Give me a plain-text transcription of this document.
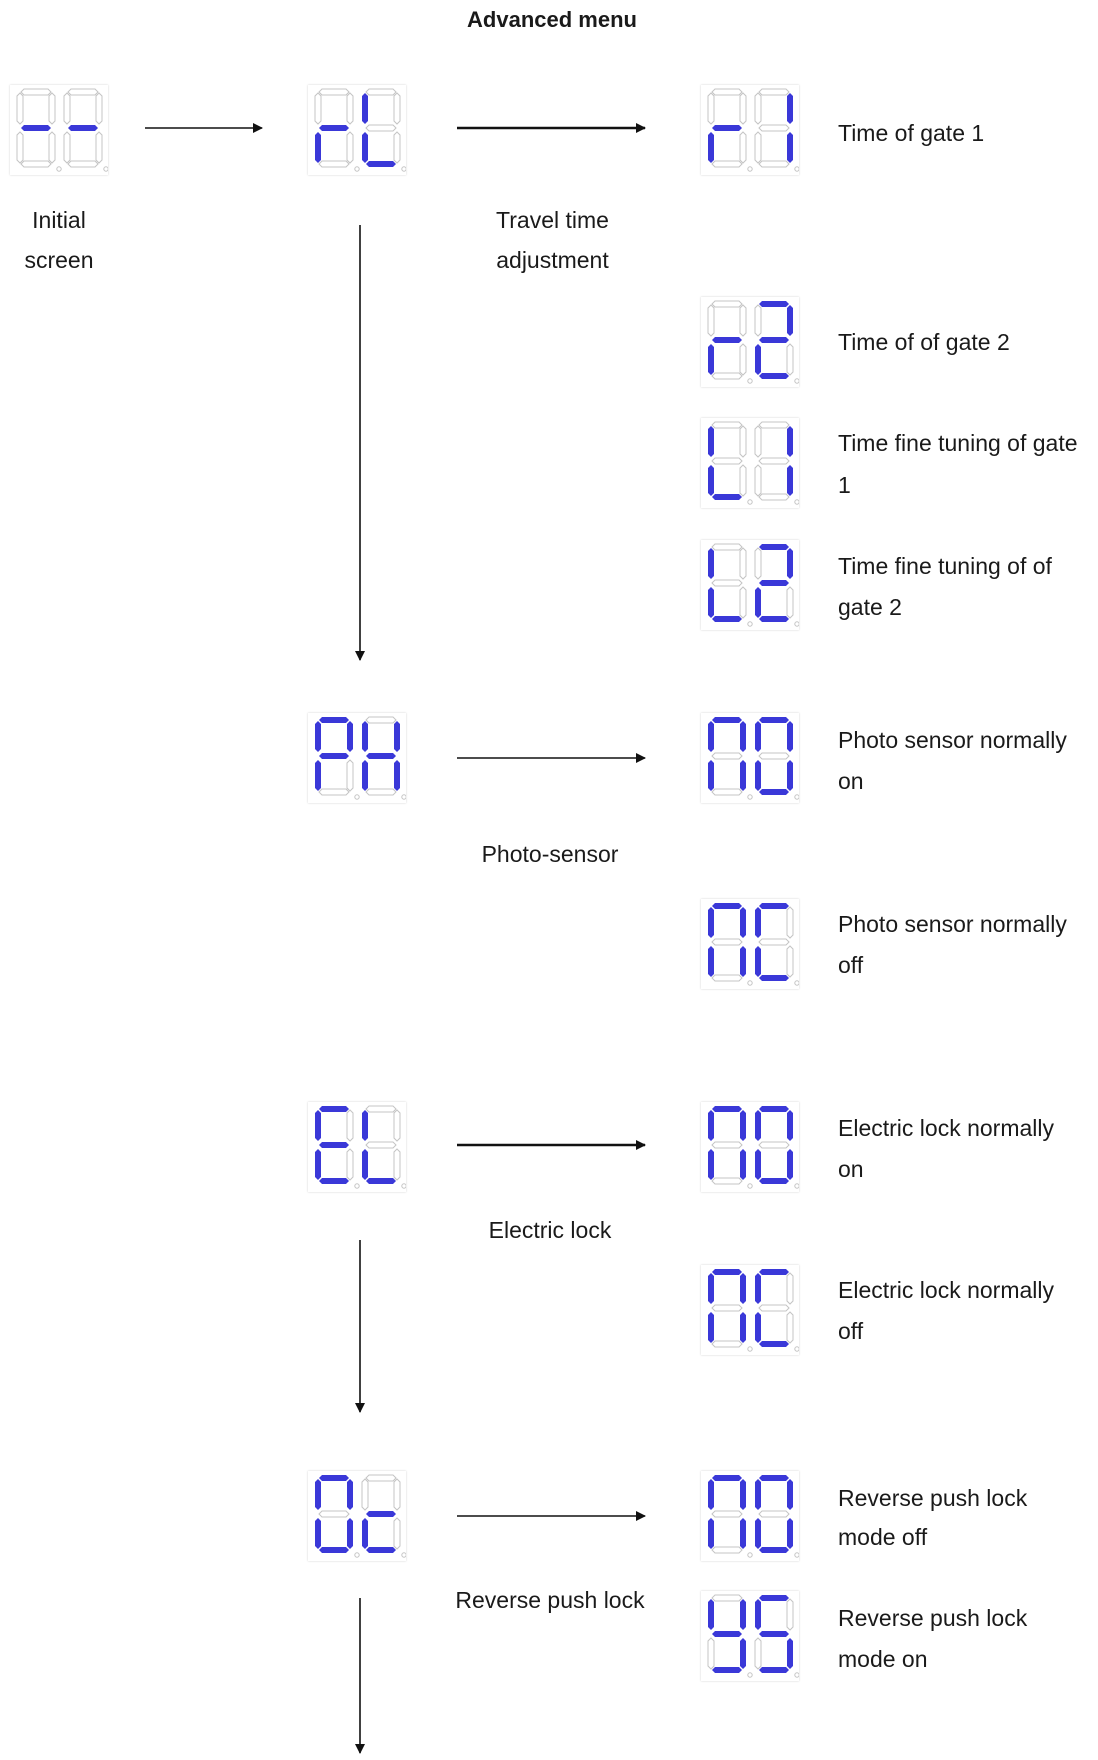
Advanced menu
Initial
screen
Travel time
adjustment
Photo-sensor
Electric lock
Reverse push lock
Time of gate 1
Time of of gate 2
Time fine tuning of gate
1
Time fine tuning of of
gate 2
Photo sensor normally
on
Photo sensor normally
off
Electric lock normally
on
Electric lock normally
off
Reverse push lock
mode off
Reverse push lock
mode on
